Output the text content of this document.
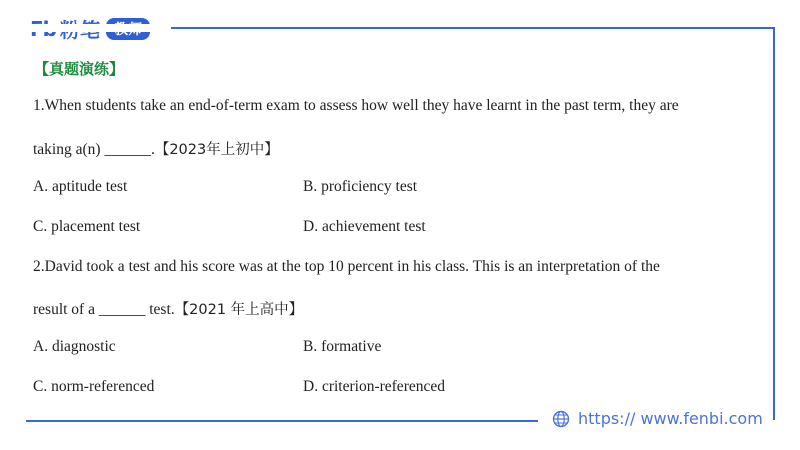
【真题演练】
1.When students take an end-of-term exam to assess how well they have learnt in the past term, they are
taking a(n) ______.【2023年上初中】
A. aptitude test	B. proficiency test
C. placement test	D. achievement test
2.David took a test and his score was at the top 10 percent in his class. This is an interpretation of the
result of a ______ test.【2021 年上高中】
A. diagnostic	B. formative
C. norm-referenced	D. criterion-referenced
https:// www.fenbi.com
